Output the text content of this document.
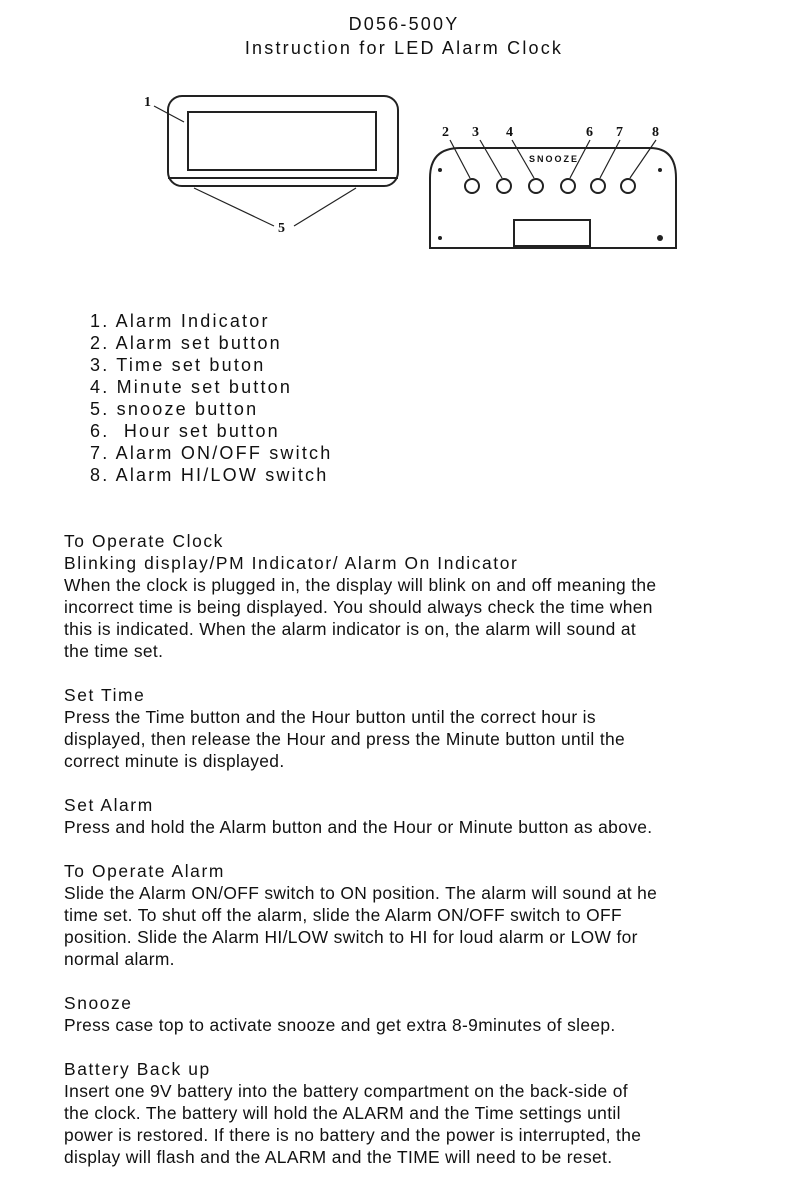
D056-500Y
Instruction for LED Alarm Clock
1
2 3 4	6 7 8
5
SNOOZE
1. Alarm Indicator
2. Alarm set button
3. Time set buton
4. Minute set button
5. snooze button
6.  Hour set button
7. Alarm ON/OFF switch
8. Alarm HI/LOW switch
To Operate Clock
Blinking display/PM Indicator/ Alarm On Indicator
When the clock is plugged in, the display will blink on and off meaning the
incorrect time is being displayed. You should always check the time when
this is indicated. When the alarm indicator is on, the alarm will sound at
the time set.
Set Time
Press the Time button and the Hour button until the correct hour is
displayed, then release the Hour and press the Minute button until the
correct minute is displayed.
Set Alarm
Press and hold the Alarm button and the Hour or Minute button as above.
To Operate Alarm
Slide the Alarm ON/OFF switch to ON position. The alarm will sound at he
time set. To shut off the alarm, slide the Alarm ON/OFF switch to OFF
position. Slide the Alarm HI/LOW switch to HI for loud alarm or LOW for
normal alarm.
Snooze
Press case top to activate snooze and get extra 8-9minutes of sleep.
Battery Back up
Insert one 9V battery into the battery compartment on the back-side of
the clock. The battery will hold the ALARM and the Time settings until
power is restored. If there is no battery and the power is interrupted, the
display will flash and the ALARM and the TIME will need to be reset.
